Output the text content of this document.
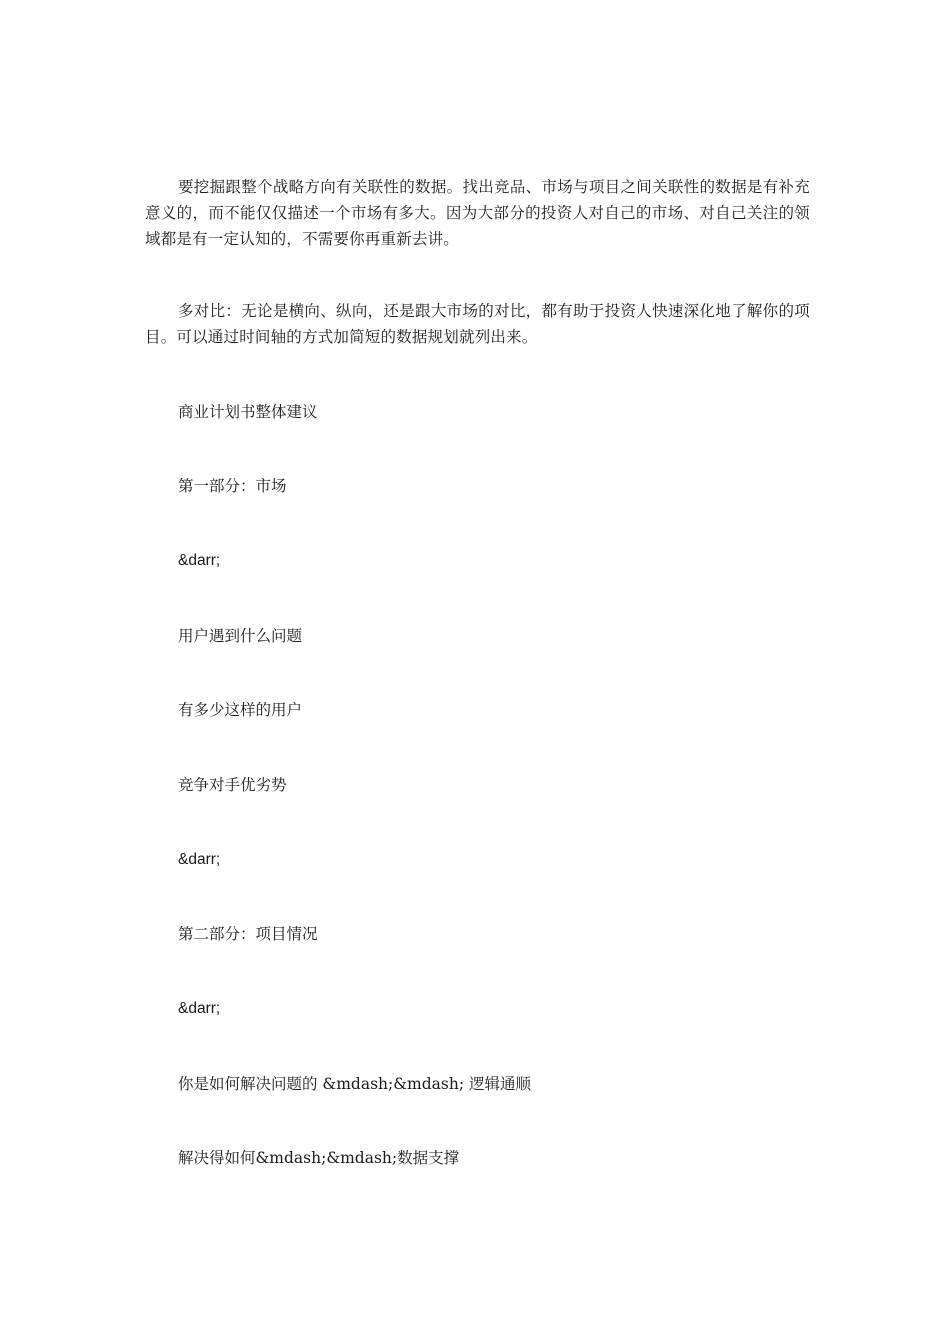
要挖掘跟整个战略方向有关联性的数据。找出竞品、市场与项目之间关联性的数据是有补充意义的，而不能仅仅描述一个市场有多大。因为大部分的投资人对自己的市场、对自己关注的领域都是有一定认知的，不需要你再重新去讲。

多对比：无论是横向、纵向，还是跟大市场的对比，都有助于投资人快速深化地了解你的项目。可以通过时间轴的方式加简短的数据规划就列出来。

商业计划书整体建议

第一部分：市场

&darr;

用户遇到什么问题

有多少这样的用户

竞争对手优劣势

&darr;

第二部分：项目情况

&darr;

你是如何解决问题的 &mdash;&mdash; 逻辑通顺

解决得如何&mdash;&mdash;数据支撑
